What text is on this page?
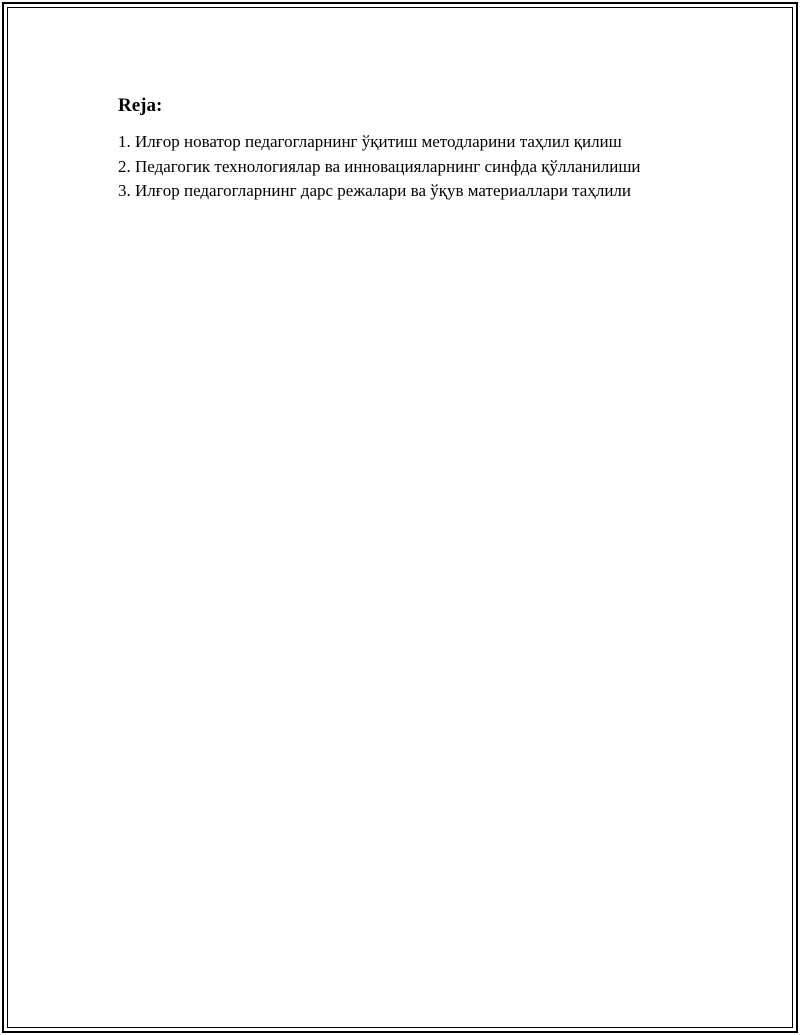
Reja:
1. Илғор новатор педагогларнинг ўқитиш методларини таҳлил қилиш
2. Педагогик технологиялар ва инновацияларнинг синфда қўлланилиши
3. Илғор педагогларнинг дарс режалари ва ўқув материаллари таҳлили
